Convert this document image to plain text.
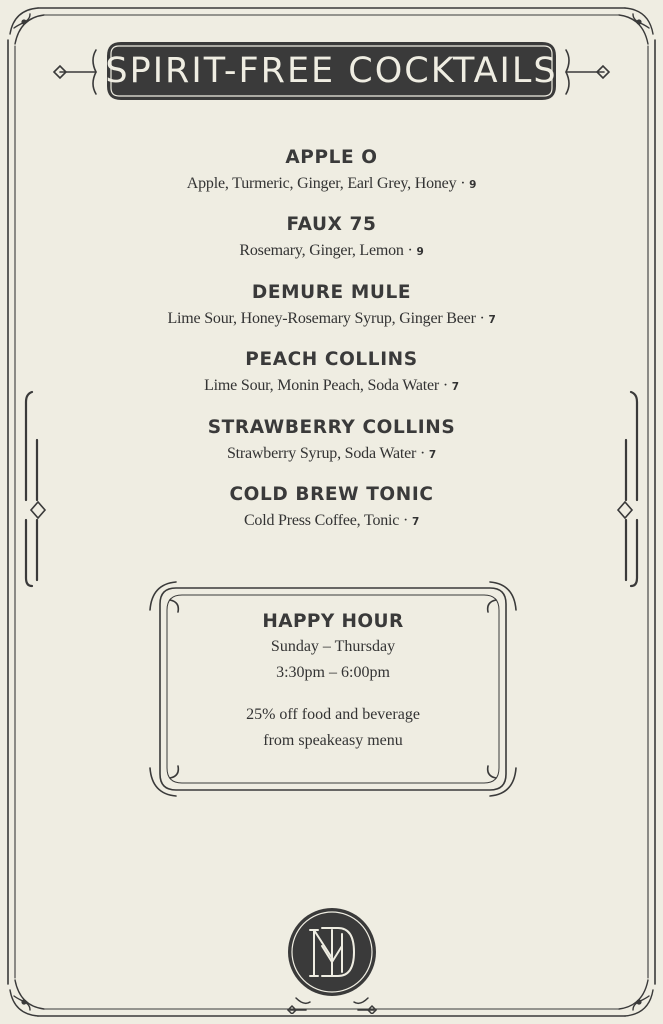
SPIRIT-FREE COCKTAILS
APPLE O
Apple, Turmeric, Ginger, Earl Grey, Honey · 9
FAUX 75
Rosemary, Ginger, Lemon · 9
DEMURE MULE
Lime Sour, Honey-Rosemary Syrup, Ginger Beer · 7
PEACH COLLINS
Lime Sour, Monin Peach, Soda Water · 7
STRAWBERRY COLLINS
Strawberry Syrup, Soda Water · 7
COLD BREW TONIC
Cold Press Coffee, Tonic · 7
HAPPY HOUR
Sunday – Thursday
3:30pm – 6:00pm
25% off food and beverage
from speakeasy menu
